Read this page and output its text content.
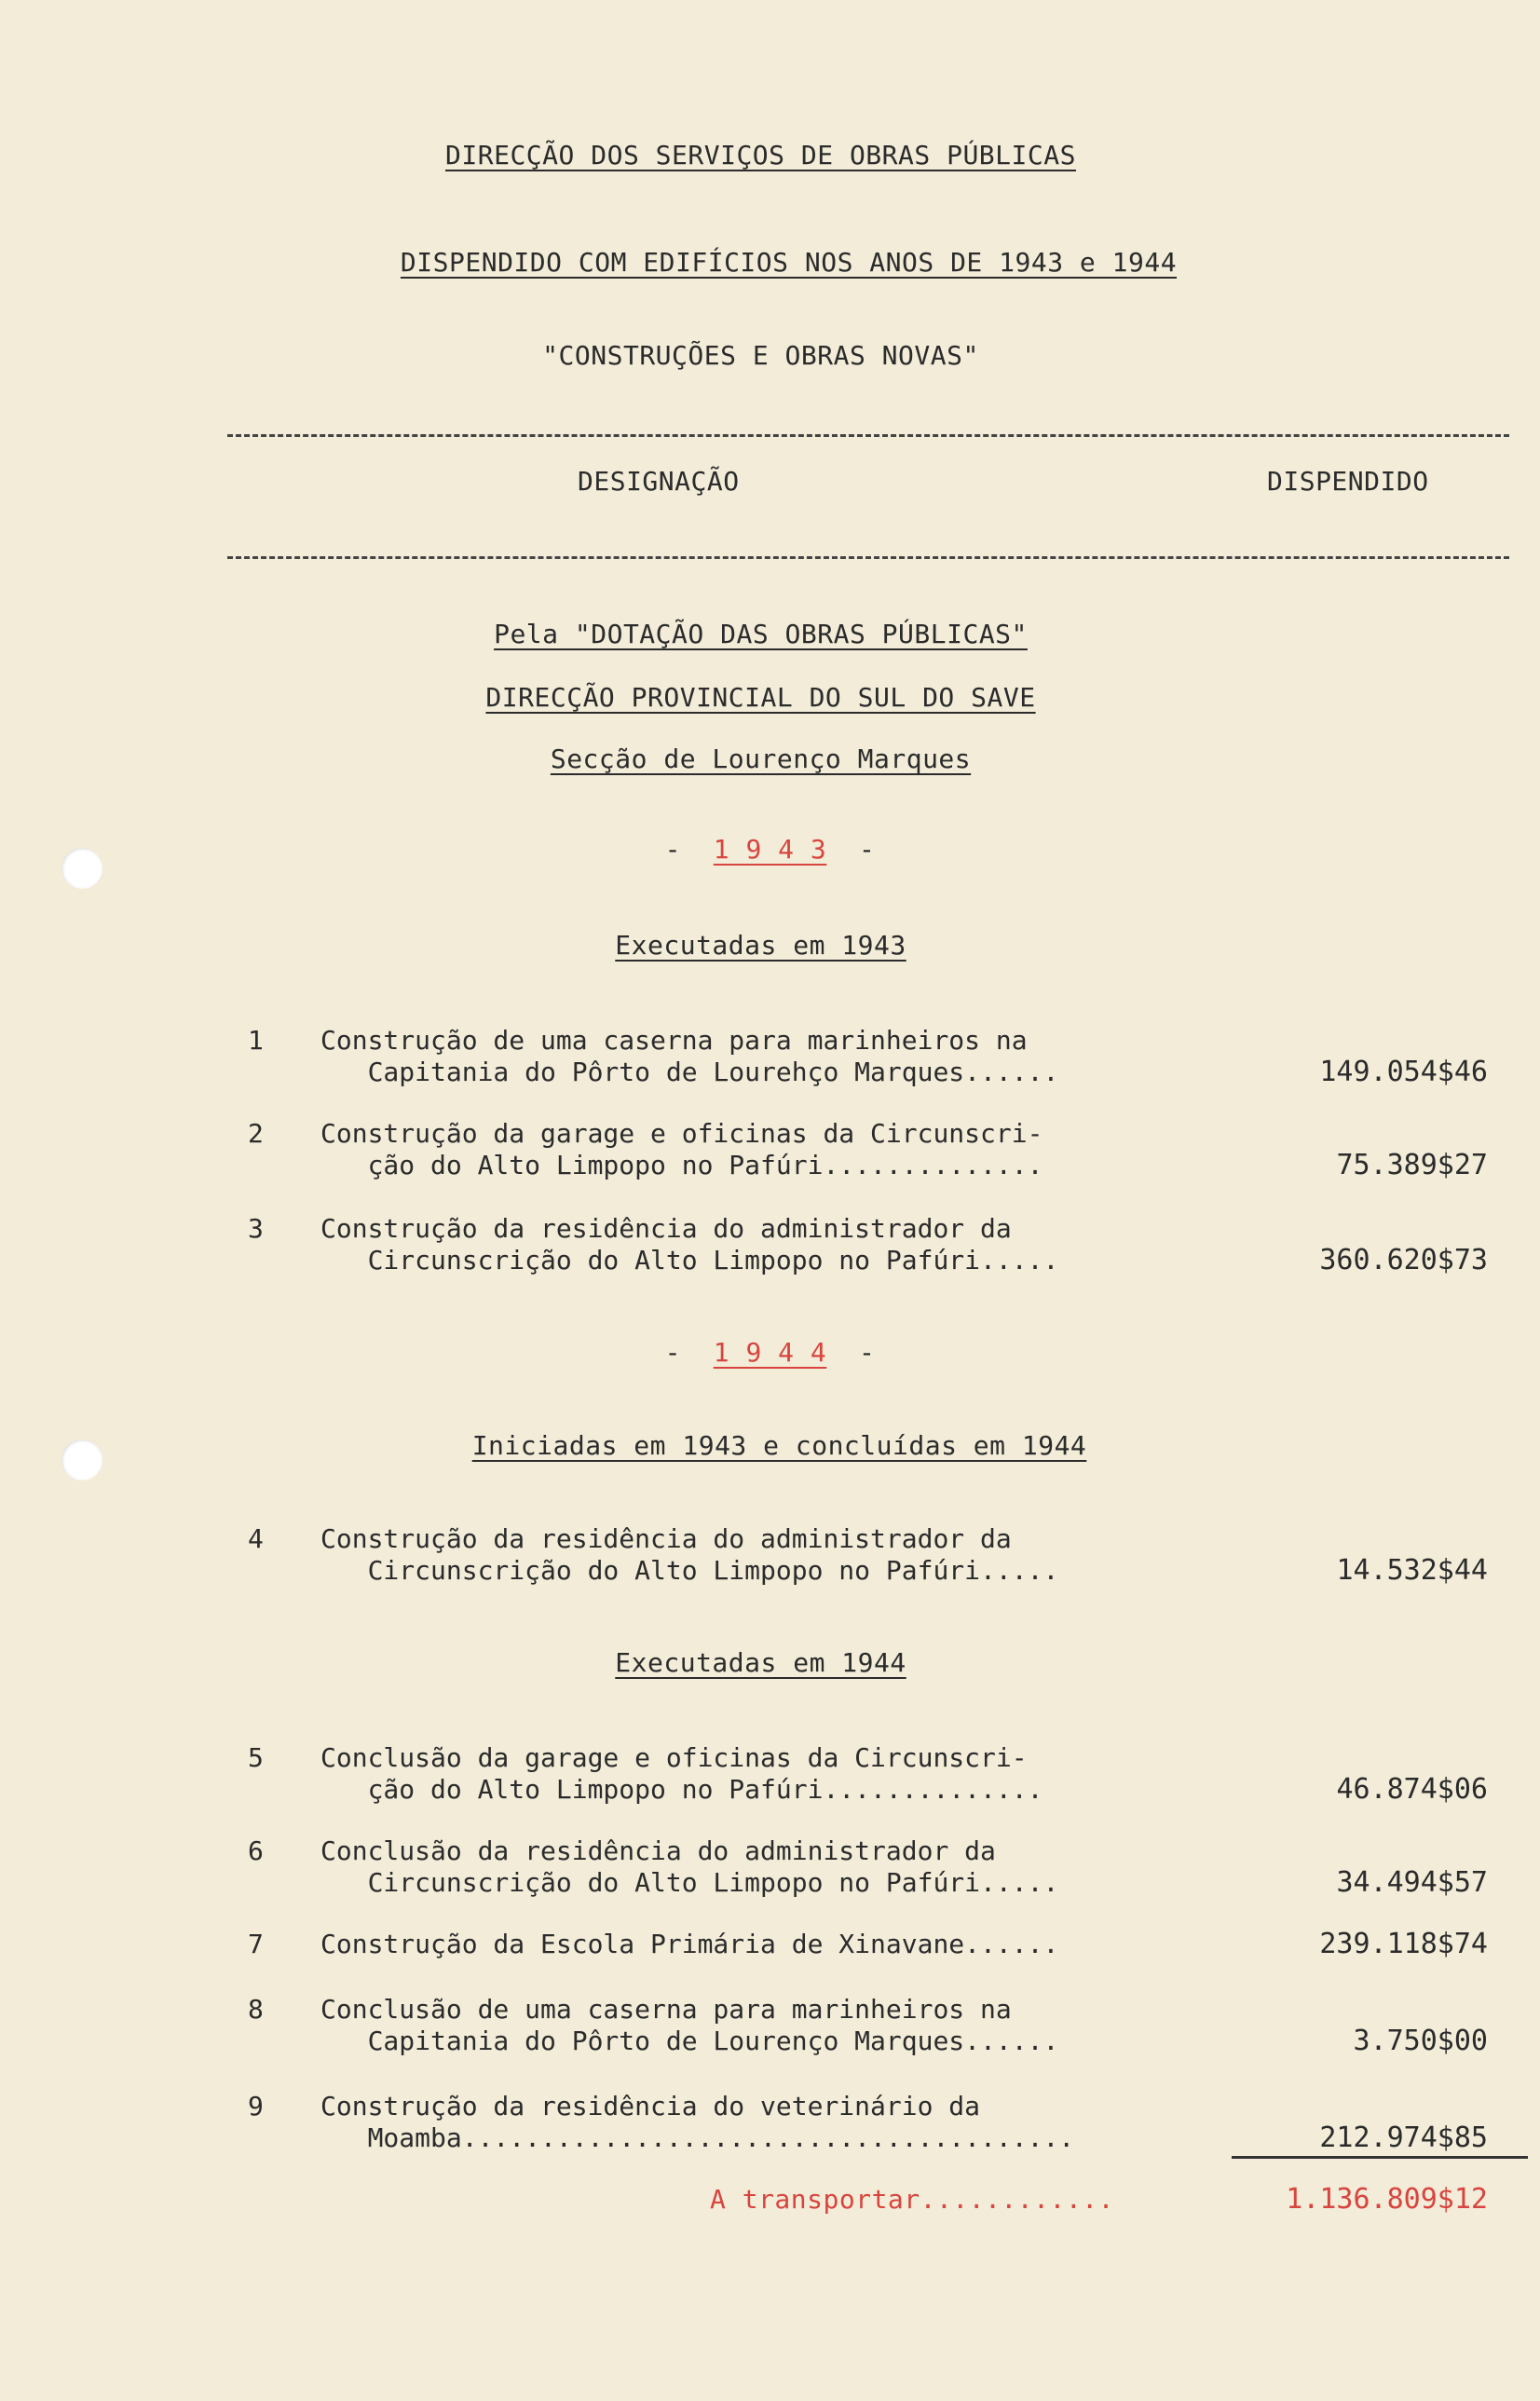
DIRECÇÃO DOS SERVIÇOS DE OBRAS PÚBLICAS
DISPENDIDO COM EDIFÍCIOS NOS ANOS DE 1943 e 1944
"CONSTRUÇÕES E OBRAS NOVAS"
DESIGNAÇÃO	DISPENDIDO
Pela "DOTAÇÃO DAS OBRAS PÚBLICAS"
DIRECÇÃO PROVINCIAL DO SUL DO SAVE
Secção de Lourenço Marques
- 1 9 4 3 -
Executadas em 1943
1 Construção de uma caserna para marinheiros na
Capitania do Pôrto de Lourehço Marques......	149.054$46
2 Construção da garage e oficinas da Circunscri-
ção do Alto Limpopo no Pafúri..............	75.389$27
3 Construção da residência do administrador da
Circunscrição do Alto Limpopo no Pafúri.....	360.620$73
- 1 9 4 4 -
Iniciadas em 1943 e concluídas em 1944
4 Construção da residência do administrador da
Circunscrição do Alto Limpopo no Pafúri.....	14.532$44
Executadas em 1944
5 Conclusão da garage e oficinas da Circunscri-
ção do Alto Limpopo no Pafúri..............	46.874$06
6 Conclusão da residência do administrador da
Circunscrição do Alto Limpopo no Pafúri.....	34.494$57
7 Construção da Escola Primária de Xinavane......	239.118$74
8 Conclusão de uma caserna para marinheiros na
Capitania do Pôrto de Lourenço Marques......	3.750$00
9 Construção da residência do veterinário da
Moamba.......................................	212.974$85
A transportar............	1.136.809$12
